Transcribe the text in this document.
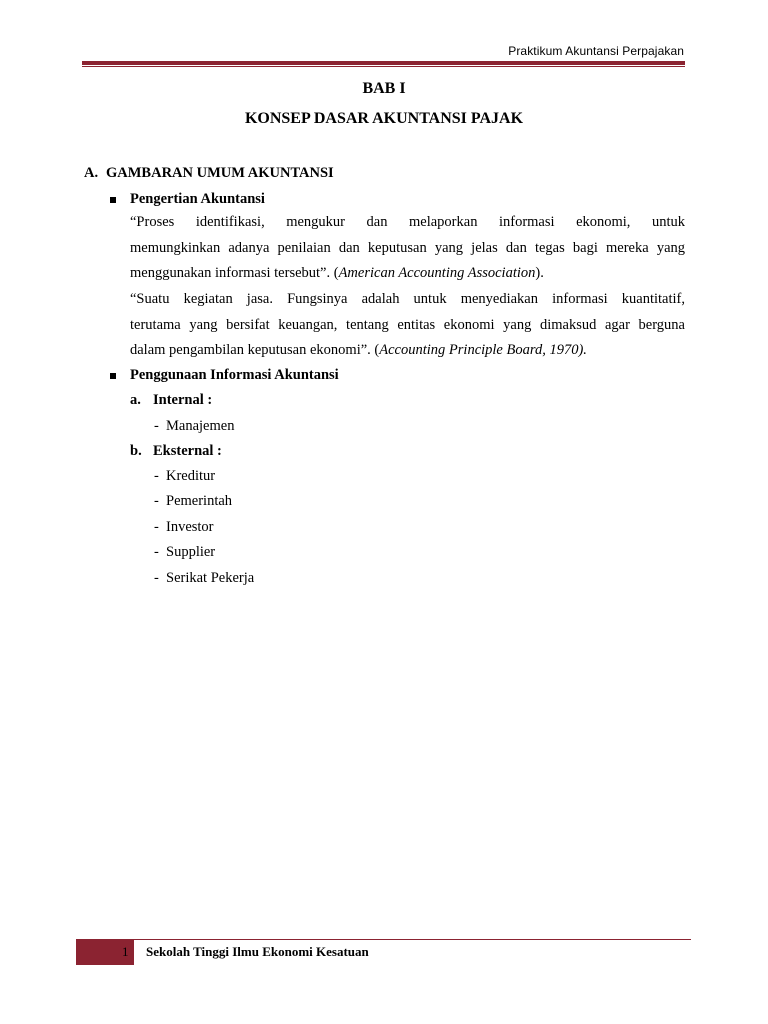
Praktikum Akuntansi Perpajakan
BAB I
KONSEP DASAR AKUNTANSI PAJAK
A. GAMBARAN UMUM AKUNTANSI
Pengertian Akuntansi
“Proses identifikasi, mengukur dan melaporkan informasi ekonomi, untuk
memungkinkan adanya penilaian dan keputusan yang jelas dan tegas bagi mereka yang
menggunakan informasi tersebut”. (American Accounting Association).
“Suatu kegiatan jasa. Fungsinya adalah untuk menyediakan informasi kuantitatif,
terutama yang bersifat keuangan, tentang entitas ekonomi yang dimaksud agar berguna
dalam pengambilan keputusan ekonomi”. (Accounting Principle Board, 1970).
Penggunaan Informasi Akuntansi
a. Internal :
- Manajemen
b. Eksternal :
- Kreditur
- Pemerintah
- Investor
- Supplier
- Serikat Pekerja
1 Sekolah Tinggi Ilmu Ekonomi Kesatuan
